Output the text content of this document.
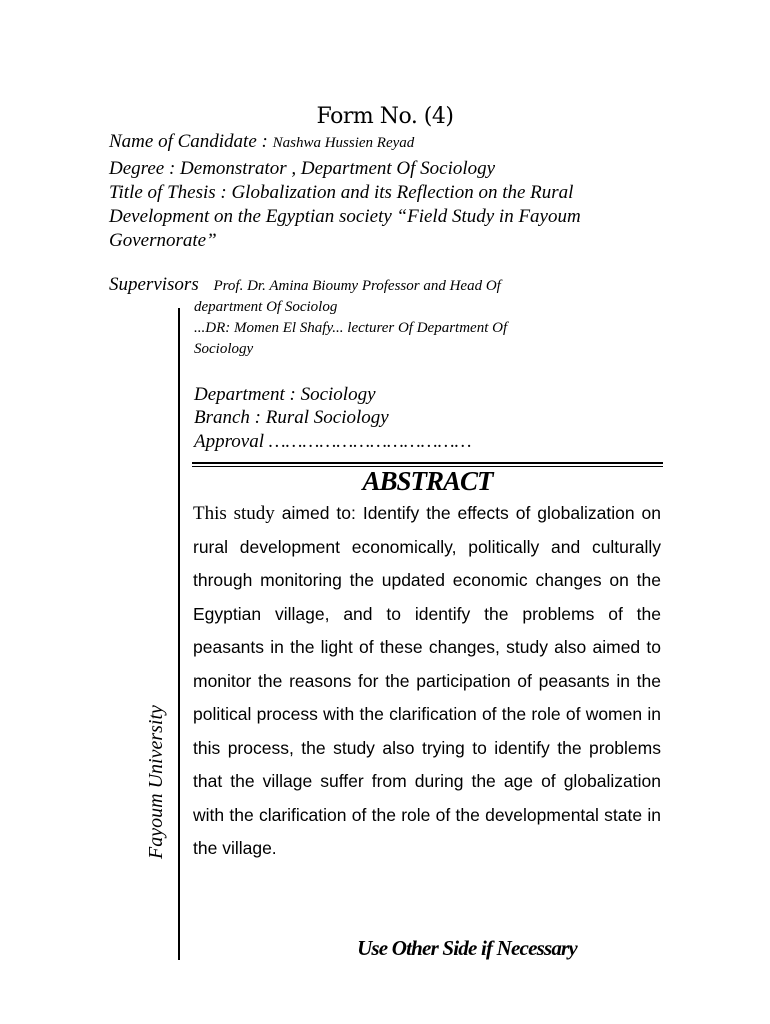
Form No. (4)
Name of Candidate : Nashwa Hussien Reyad
Degree : Demonstrator , Department Of Sociology
Title of Thesis : Globalization and its Reflection on the Rural
Development on the Egyptian society “Field Study in Fayoum
Governorate”
Supervisors Prof. Dr. Amina Bioumy Professor and Head Of
department Of Sociolog
...DR: Momen El Shafy... lecturer Of Department Of
Sociology
Department : Sociology
Branch : Rural Sociology
Approval ………………………………
ABSTRACT
This study aimed to: Identify the effects of globalization on rural development economically, politically and culturally through monitoring the updated economic changes on the Egyptian village, and to identify the problems of the peasants in the light of these changes, study also aimed to monitor the reasons for the participation of peasants in the political process with the clarification of the role of women in this process, the study also trying to identify the problems that the village suffer from during the age of globalization with the clarification of the role of the developmental state in the village.
Fayoum University
Use Other Side if Necessary
